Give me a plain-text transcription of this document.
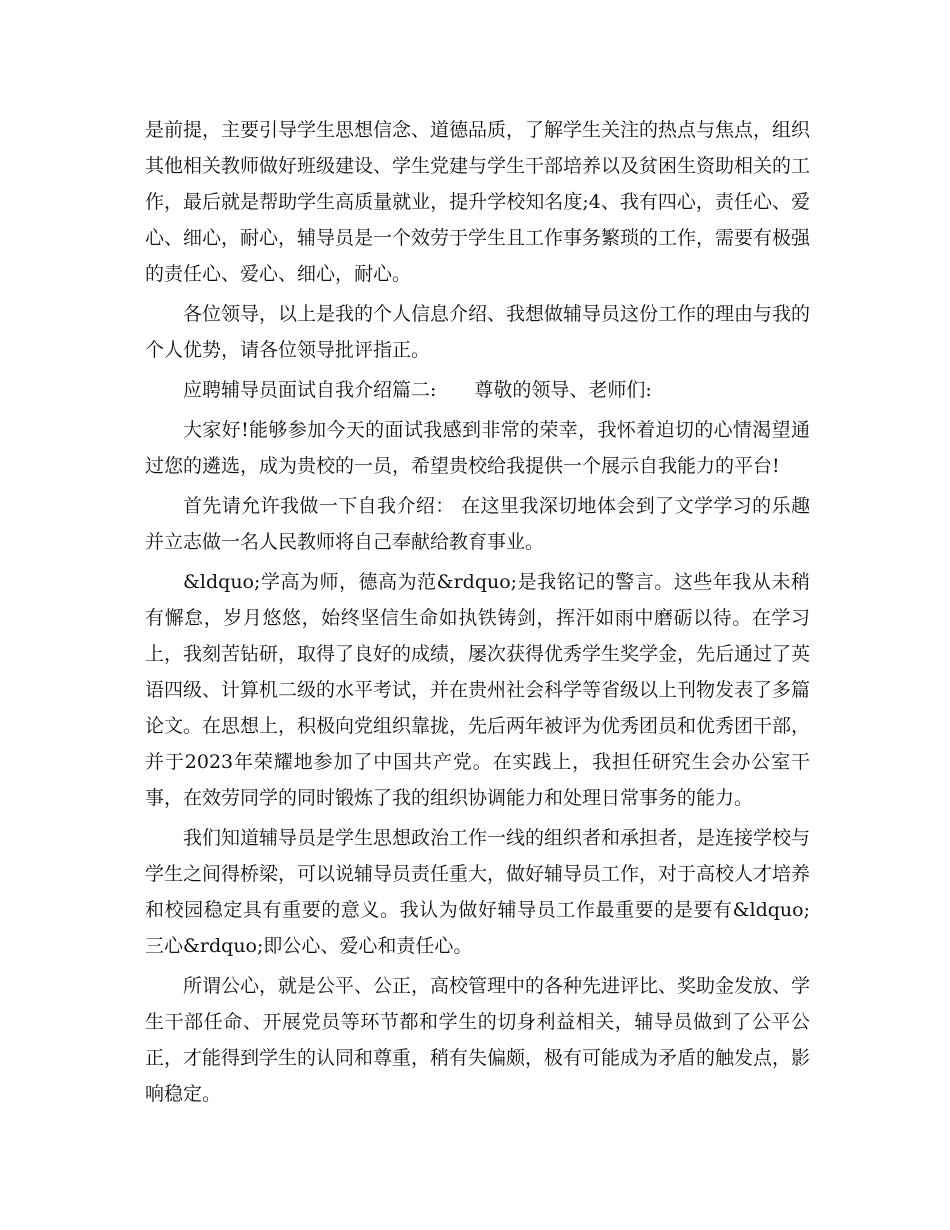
是前提，主要引导学生思想信念、道德品质，了解学生关注的热点与焦点，组织其他相关教师做好班级建设、学生党建与学生干部培养以及贫困生资助相关的工作，最后就是帮助学生高质量就业，提升学校知名度;4、我有四心，责任心、爱心、细心，耐心，辅导员是一个效劳于学生且工作事务繁琐的工作，需要有极强的责任心、爱心、细心，耐心。

各位领导，以上是我的个人信息介绍、我想做辅导员这份工作的理由与我的个人优势，请各位领导批评指正。

应聘辅导员面试自我介绍篇二: 尊敬的领导、老师们:

大家好!能够参加今天的面试我感到非常的荣幸，我怀着迫切的心情渴望通过您的遴选，成为贵校的一员，希望贵校给我提供一个展示自我能力的平台!

首先请允许我做一下自我介绍： 在这里我深切地体会到了文学学习的乐趣并立志做一名人民教师将自己奉献给教育事业。

&ldquo;学高为师，德高为范&rdquo;是我铭记的警言。这些年我从未稍有懈怠，岁月悠悠，始终坚信生命如执铁铸剑，挥汗如雨中磨砺以待。在学习上，我刻苦钻研，取得了良好的成绩，屡次获得优秀学生奖学金，先后通过了英语四级、计算机二级的水平考试，并在贵州社会科学等省级以上刊物发表了多篇论文。在思想上，积极向党组织靠拢，先后两年被评为优秀团员和优秀团干部，并于2023年荣耀地参加了中国共产党。在实践上，我担任研究生会办公室干事，在效劳同学的同时锻炼了我的组织协调能力和处理日常事务的能力。

我们知道辅导员是学生思想政治工作一线的组织者和承担者，是连接学校与学生之间得桥梁，可以说辅导员责任重大，做好辅导员工作，对于高校人才培养和校园稳定具有重要的意义。我认为做好辅导员工作最重要的是要有&ldquo;三心&rdquo;即公心、爱心和责任心。

所谓公心，就是公平、公正，高校管理中的各种先进评比、奖助金发放、学生干部任命、开展党员等环节都和学生的切身利益相关，辅导员做到了公平公正，才能得到学生的认同和尊重，稍有失偏颇，极有可能成为矛盾的触发点，影响稳定。
